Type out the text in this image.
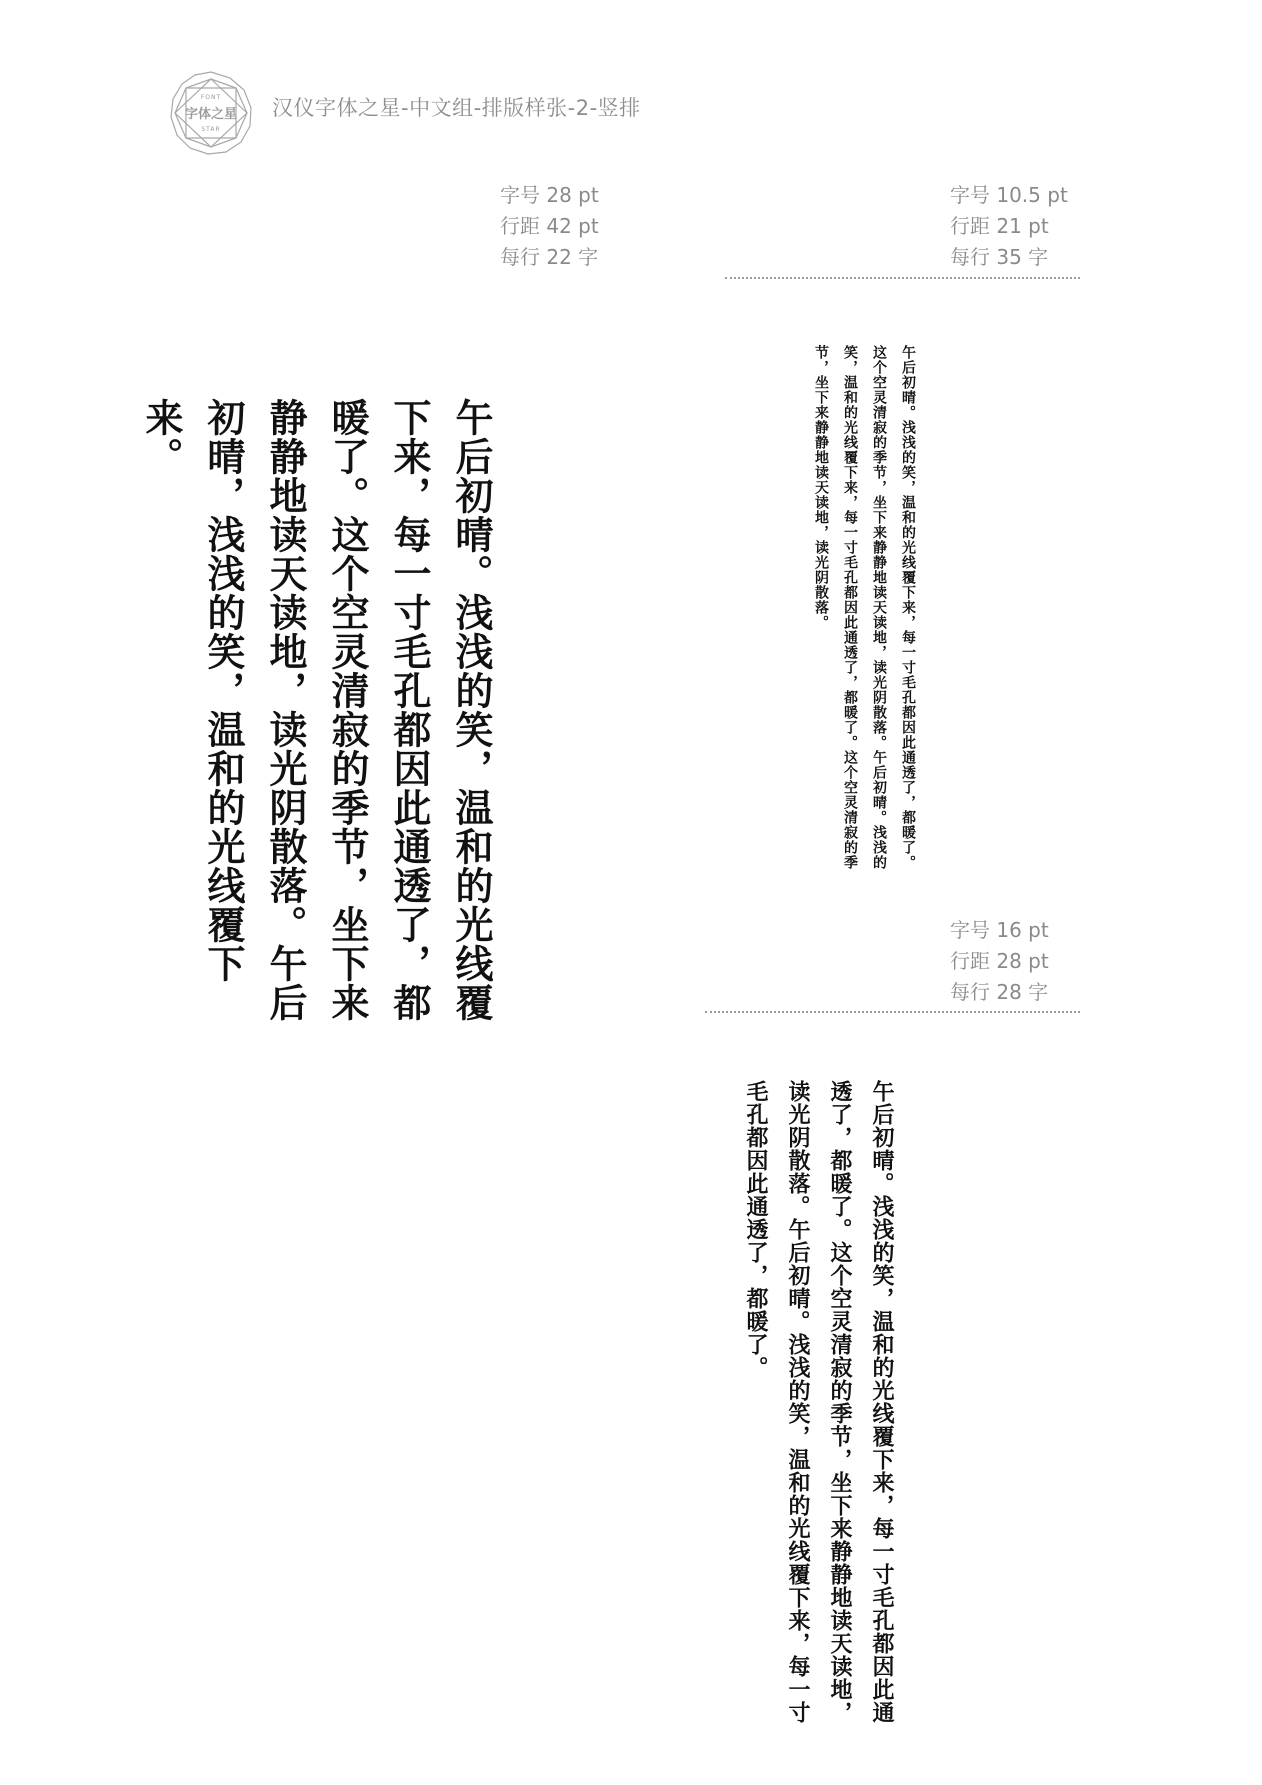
FONT
字体之星
STAR
汉仪字体之星-中文组-排版样张-2-竖排
字号 28 pt
行距 42 pt
每行 22 字
字号 10.5 pt
行距 21 pt
每行 35 字
字号 16 pt
行距 28 pt
每行 28 字

午后初晴。浅浅的笑，温和的光线覆下来，每一寸毛孔都因此通透了，都暖了。这个空灵清寂的季节，坐下来静静地读天读地，读光阴散落。午后初晴，浅浅的笑，温和的光线覆下来。	午后初晴。浅浅的笑，温和的光线覆下来，每一寸毛孔都因此通透了，都暖了。这个空灵清寂的季节，坐下来静静地读天读地，读光阴散落。午后初晴。浅浅的笑，温和的光线覆下来，每一寸毛孔都因此通透了，都暖了。这个空灵清寂的季节，坐下来静静地读天读地，读光阴散落。

午后初晴。浅浅的笑，温和的光线覆下来，每一寸毛孔都因此通透了，都暖了。这个空灵清寂的季节，坐下来静静地读天读地，读光阴散落。午后初晴。浅浅的笑，温和的光线覆下来，每一寸毛孔都因此通透了，都暖了。
